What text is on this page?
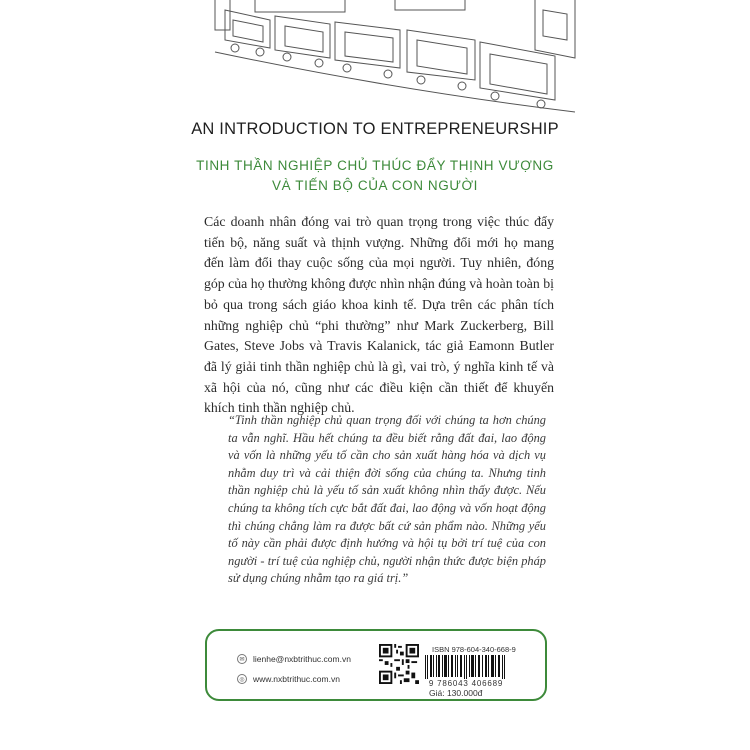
AN INTRODUCTION TO ENTREPRENEURSHIP
TINH THẦN NGHIỆP CHỦ THÚC ĐẨY THỊNH VƯỢNG
VÀ TIẾN BỘ CỦA CON NGƯỜI
Các doanh nhân đóng vai trò quan trọng trong việc thúc đẩy tiến bộ, năng suất và thịnh vượng. Những đổi mới họ mang đến làm đổi thay cuộc sống của mọi người. Tuy nhiên, đóng góp của họ thường không được nhìn nhận đúng và hoàn toàn bị bỏ qua trong sách giáo khoa kinh tế. Dựa trên các phân tích những nghiệp chủ “phi thường” như Mark Zuckerberg, Bill Gates, Steve Jobs và Travis Kalanick, tác giả Eamonn Butler đã lý giải tinh thần nghiệp chủ là gì, vai trò, ý nghĩa kinh tế và xã hội của nó, cũng như các điều kiện cần thiết để khuyến khích tinh thần nghiệp chủ.
“Tinh thần nghiệp chủ quan trọng đối với chúng ta hơn chúng ta vẫn nghĩ. Hầu hết chúng ta đều biết rằng đất đai, lao động và vốn là những yếu tố cần cho sản xuất hàng hóa và dịch vụ nhằm duy trì và cải thiện đời sống của chúng ta. Nhưng tinh thần nghiệp chủ là yếu tố sản xuất không nhìn thấy được. Nếu chúng ta không tích cực bắt đất đai, lao động và vốn hoạt động thì chúng chẳng làm ra được bất cứ sản phẩm nào. Những yếu tố này cần phải được định hướng và hội tụ bởi trí tuệ của con người - trí tuệ của nghiệp chủ, người nhận thức được biện pháp sử dụng chúng nhằm tạo ra giá trị.”
✉ lienhe@nxbtrithuc.com.vn
◎ www.nxbtrithuc.com.vn
ISBN 978-604-340-668-9
9 786043 406689
Giá: 130.000đ
